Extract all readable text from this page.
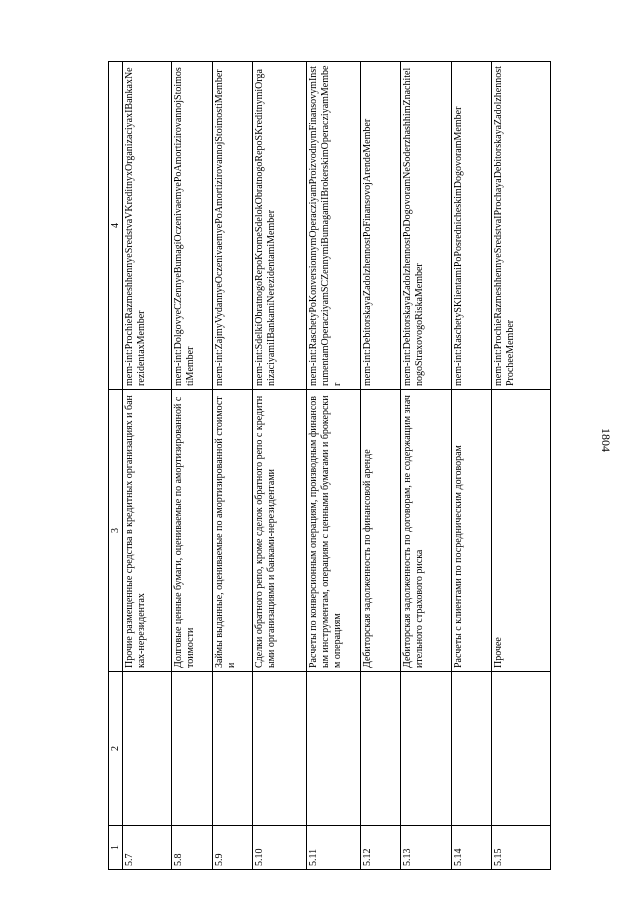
1804
1	2	3	4
5.7		Прочие размещенные средства в кредитных организациях и банках-нерезидентах	mem-int:ProchieRazmeshhennyeSredstvaVKreditnyxOrganizaciyaxIBankaxNerezidentaxMember
5.8		Долговые ценные бумаги, оцениваемые по амортизированной стоимости	mem-int:DolgovyeCZennyeBumagiOczenivaemyePoAmortizirovannojStoimostiMember
5.9		Займы выданные, оцениваемые по амортизированной стоимости	mem-int:ZajmyVydannyeOczenivaemyePoAmortizirovannojStoimostiMember
5.10		Сделки обратного репо, кроме сделок обратного репо с кредитными организациями и банками-нерезидентами	mem-int:SdelkiObratnogoRepoKromeSdelokObratnogoRepoSKreditnymiOrganizaciyamiIBankamiNerezidentamiMember
5.11		Расчеты по конверсионным операциям, производным финансовым инструментам, операциям с ценными бумагами и брокерским операциям	mem-int:RaschetyPoKonversionnymOperacziyamProizvodnymFinansovymInstrumentamOperacziyamSCZennymiBumagamiIBrokerskimOperacziyamMember
5.12		Дебиторская задолженность по финансовой аренде	mem-int:DebitorskayaZadolzhennostPoFinansovojArendeMember
5.13		Дебиторская задолженность по договорам, не содержащим значительного страхового риска	mem-int:DebitorskayaZadolzhennostPoDogovoramNeSoderzhashhimZnachitelnogoStraxovogoRiskaMember
5.14		Расчеты с клиентами по посредническим договорам	mem-int:RaschetySKlientamiPoPosrednicheskimDogovoramMember
5.15		Прочее	mem-int:ProchieRazmeshhennyeSredstvaIProchayaDebitorskayaZadolzhennostProcheeMember
